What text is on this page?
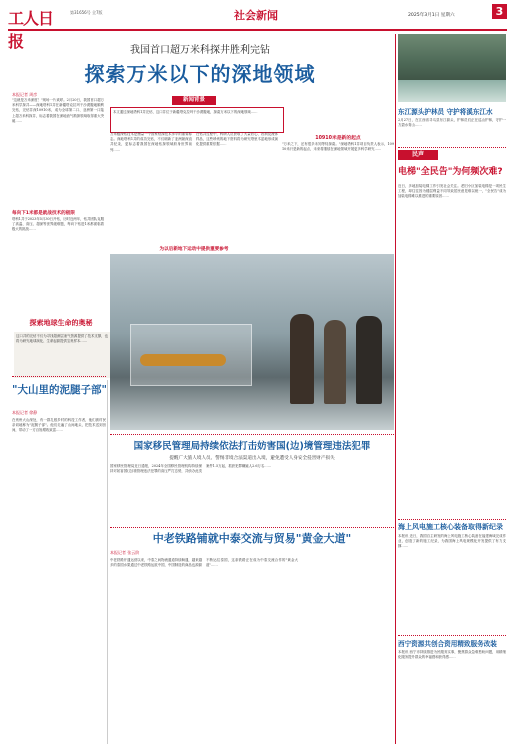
工人日报
第31656号 全7版	社会新闻	2025年3月1日 星期六	3
我国首口超万米科探井胜利完钻
探索万米以下的深地领域
本报记者 周彦
"这就是万米深度！"现场一片欢呼。2月20日，我国首口超万米科学探井——深地塔科1井在新疆塔克拉玛干沙漠腹地顺利完钻，完钻井深10910米，成为全球第二口、亚洲第一口陆上超万米科探井，标志着我国在深地油气勘探领域取得重大突破……
每向下1米都是就战技术的极限
塔科1井于2023年5月30日开钻，历时近两年，钻井团队克服了高温、高压、超深等世界级难题，每向下钻进1米都面临着极大的挑战……
探索地球生命的奥秘
这口井的完钻不仅为寻找超深层油气资源提供了技术支撑，也将为研究地球演化、生命起源提供宝贵样本……
新闻背景
本文通过深地塔科1井完钻、这口井位于新疆塔克拉玛干沙漠腹地，探索万米以下的深地领域……
万米级深钻技术是衡量一个国家钻探技术水平的重要标志。深地塔科1井的成功完钻，不仅刷新了亚洲最深直井纪录，更标志着我国在深地钻探领域跻身世界前列……
在钻井过程中，科研人员获取了大量岩心、岩屑及流体样品，这些珍贵的地下资料将为研究塔里木盆地形成演化提供重要依据……
为以后新地下运动中提供重要参考
10910米是新的起点
"万米之下，还有很多未知等待探索。"深地塔科1井项目负责人表示，10910米只是新的起点，未来将继续在深地领域开展更多科学研究……
"大山里的泥腿子部"
本报记者 徐静
在贵州大山深处，有一群扎根乡村的科技工作者，他们被村民亲切地称为"泥腿子部"。他们走遍了山间地头，把技术送到田间，带动了一方百姓增收致富……
国家移民管理局持续依法打击妨害国(边)境管理违法犯罪
提醒广大旅人境人员、警惕非境合法渠道出入境，避免遭受人身安全侵害财产损失
国家移民管理局近日通报，2024年全国移民管理机构持续保持对妨害国(边)境管理违法犯罪的高压严打态势，共侦办此类案件1.5万起，抓获犯罪嫌疑人2.6万名……
中老铁路铺就中泰交流与贸易"黄金大道"
本报记者 张云阶
中老铁路开通运营以来，中泰之间物流通道持续畅通，越来越多的泰国水果通过中老铁路运抵中国，中国制造的商品也源源不断运往泰国，这条铁路正在成为中泰交流合作的"黄金大道"……
东江源头护林员 守护将溪东江水
2月27日，在江西省寻乌县东江源头，护林员们正在巡山护林，守护一方碧水青山……
民声
电梯"全民告"为何频次难?
近日，多地加装电梯工作引发社会关注。老旧小区加装电梯是一项民生工程，却往往因为楼层利益不同导致居民意见难以统一，"全民告"成为加装电梯难以推进的重要原因……
海上风电施工核心装备取得新纪录
本报讯 近日，我国自主研发的海上风电施工核心装备在福建海域完成作业，创造了新的施工纪录，为我国海上风电规模化开发提供了有力支撑……
西宁资源共创合资用精致服务改装
本报讯 西宁市持续推进为民服务实事，聚焦群众急难愁盼问题，用精细化服务提升群众的幸福感和获得感……
